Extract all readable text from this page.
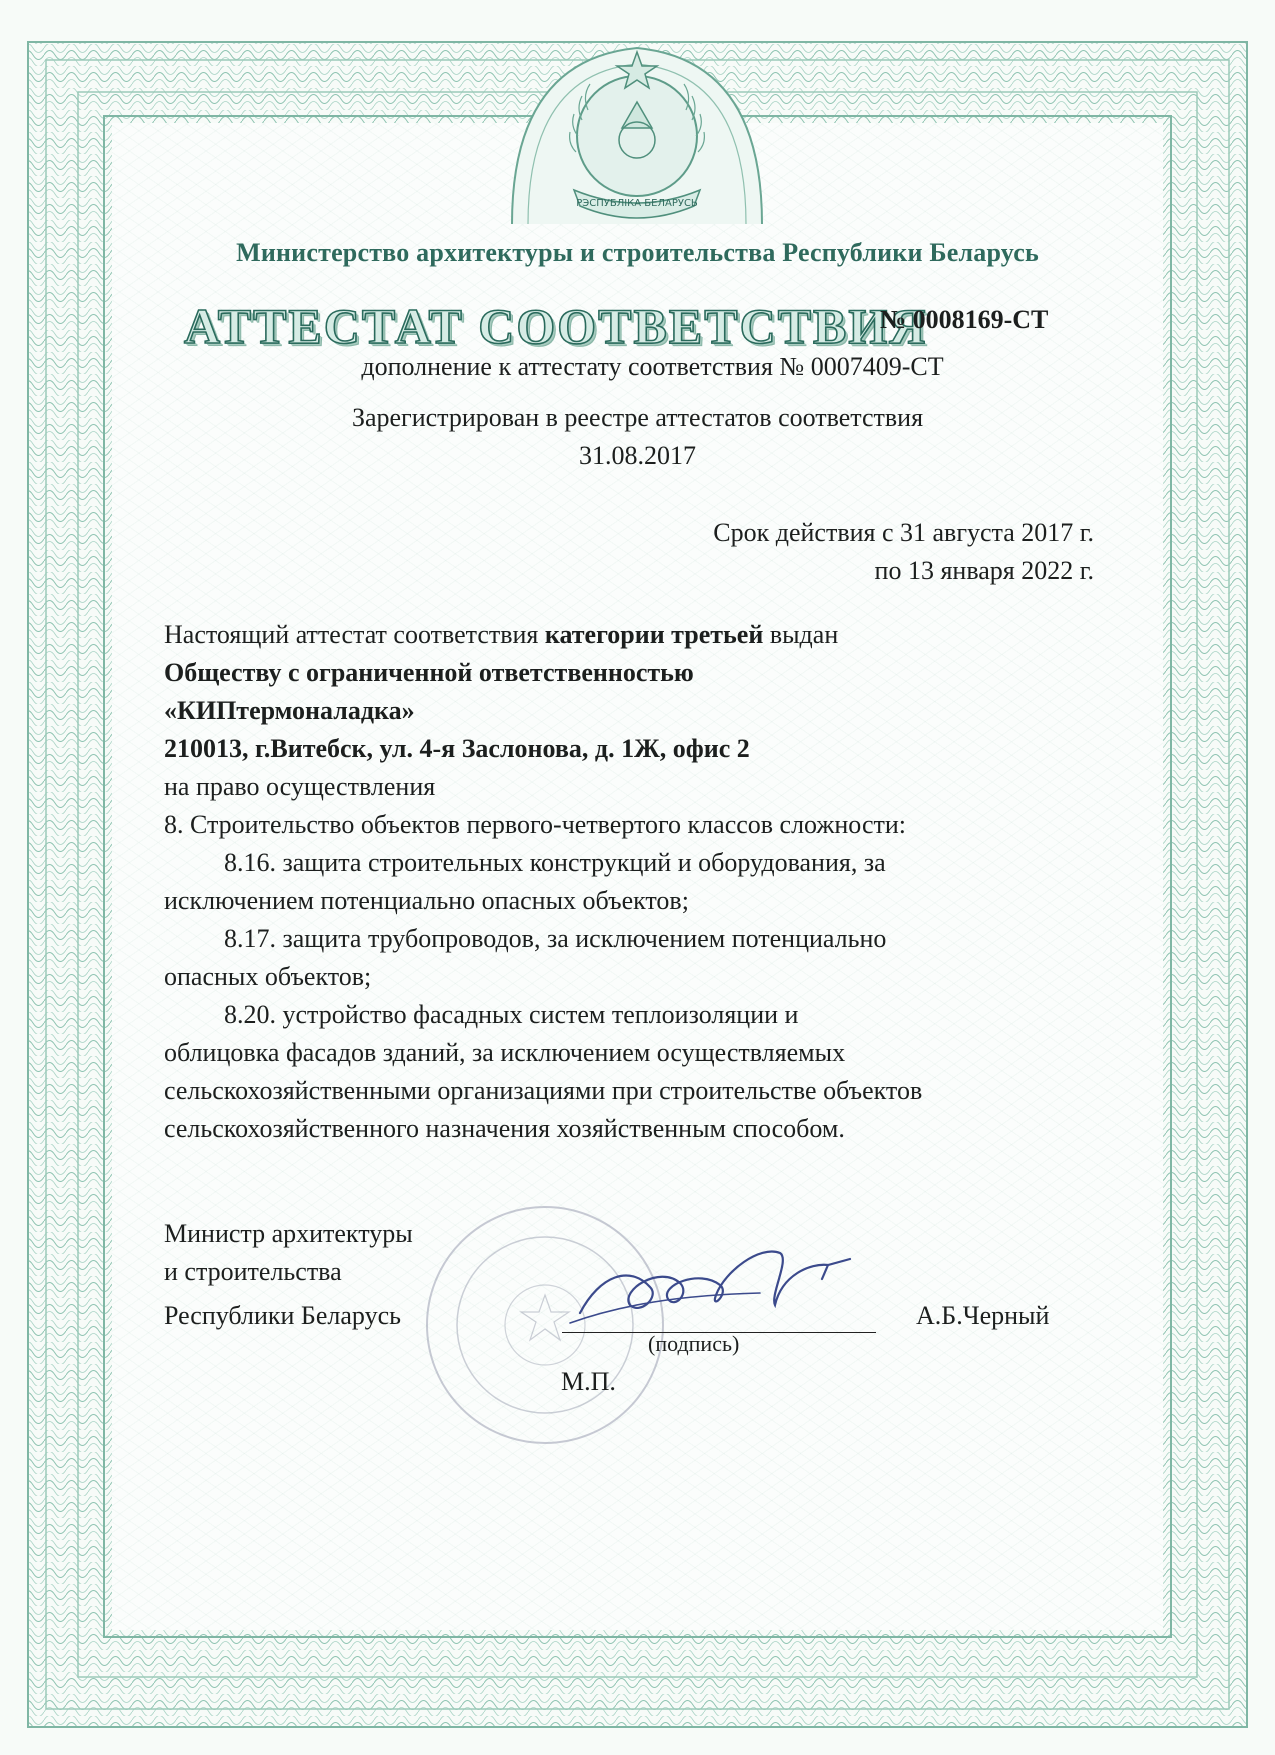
РЭСПУБЛІКА БЕЛАРУСЬ
Министерство архитектуры и строительства Республики Беларусь
АТТЕСТАТ СООТВЕТСТВИЯ
№ 0008169-СТ
дополнение к аттестату соответствия № 0007409-СТ
Зарегистрирован в реестре аттестатов соответствия
31.08.2017
Срок действия с 31 августа 2017 г.
по 13 января 2022 г.
Настоящий аттестат соответствия категории третьей выдан
Обществу с ограниченной ответственностью
«КИПтермоналадка»
210013, г.Витебск, ул. 4-я Заслонова, д. 1Ж, офис 2
на право осуществления
8. Строительство объектов первого-четвертого классов сложности:
8.16. защита строительных конструкций и оборудования, за
исключением потенциально опасных объектов;
8.17. защита трубопроводов, за исключением потенциально
опасных объектов;
8.20. устройство фасадных систем теплоизоляции и
облицовка фасадов зданий, за исключением осуществляемых
сельскохозяйственными организациями при строительстве объектов
сельскохозяйственного назначения хозяйственным способом.
Министр архитектуры
и строительства
Республики Беларусь
(подпись)
А.Б.Черный
М.П.
